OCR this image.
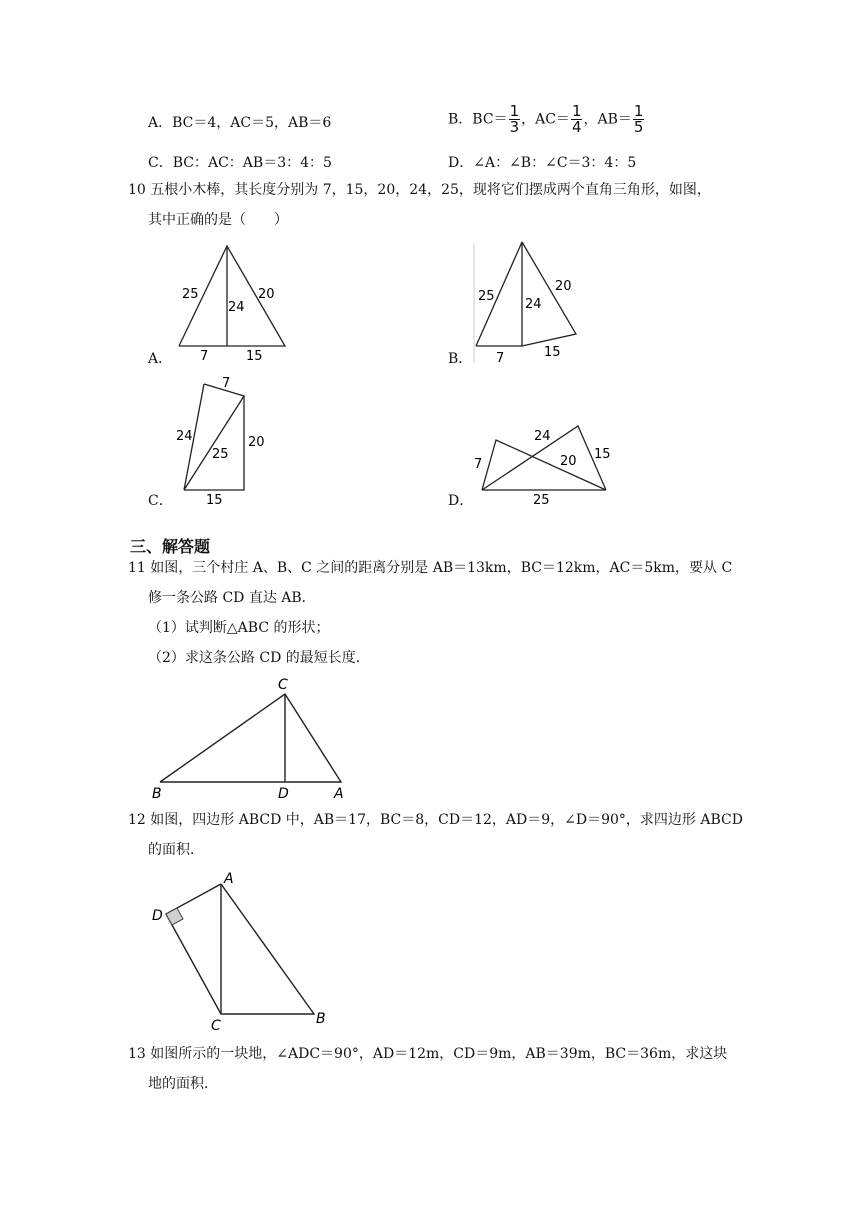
A．BC＝4，AC＝5，AB＝6	B．$BC= \frac{1}{3}$ ，$AC= \frac{1}{4}$ ，$AB= \frac{1}{5}$
C．BC：AC：AB＝3：4：5	D．∠A：∠B：∠C＝3：4：5
10 五根小木棒，其长度分别为 7，15，20，24，25，现将它们摆成两个直角三角形，如图，
其中正确的是（　　）
A．
25
24
20
7	15	B．
25
24
20
7	15
C．
7
24
25
20
15	D．
24
20
7
15
25
三、解答题
11 如图，三个村庄 A、B、C 之间的距离分别是 AB＝13km，BC＝12km，AC＝5km，要从 C
修一条公路 CD 直达 AB．
（1）试判断△ABC 的形状；
（2）求这条公路 CD 的最短长度．
C
B	D	A
12 如图，四边形 ABCD 中，AB＝17，BC＝8，CD＝12，AD＝9，∠D＝90°，求四边形 ABCD
的面积．
A
D
C	B
13 如图所示的一块地，∠ADC＝90°，AD＝12m，CD＝9m，AB＝39m，BC＝36m，求这块
地的面积．
